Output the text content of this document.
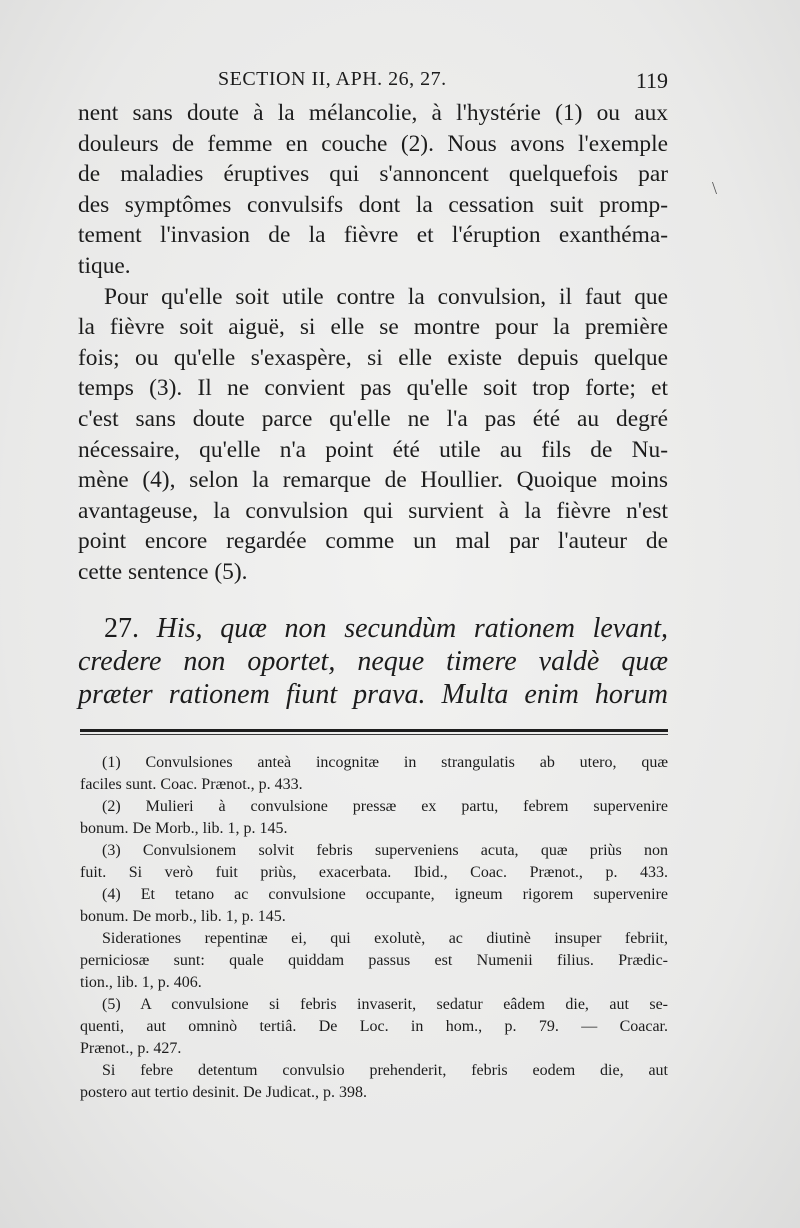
SECTION II, APH. 26, 27.	119
nent sans doute à la mélancolie, à l'hystérie (1) ou aux
douleurs de femme en couche (2). Nous avons l'exemple
de maladies éruptives qui s'annoncent quelquefois par
des symptômes convulsifs dont la cessation suit promp-
tement l'invasion de la fièvre et l'éruption exanthéma-
tique.
Pour qu'elle soit utile contre la convulsion, il faut que
la fièvre soit aiguë, si elle se montre pour la première
fois; ou qu'elle s'exaspère, si elle existe depuis quelque
temps (3). Il ne convient pas qu'elle soit trop forte; et
c'est sans doute parce qu'elle ne l'a pas été au degré
nécessaire, qu'elle n'a point été utile au fils de Nu-
mène (4), selon la remarque de Houllier. Quoique moins
avantageuse, la convulsion qui survient à la fièvre n'est
point encore regardée comme un mal par l'auteur de
cette sentence (5).
27. His, quæ non secundùm rationem levant,
credere non oportet, neque timere valdè quæ
præter rationem fiunt prava. Multa enim horum
(1) Convulsiones anteà incognitæ in strangulatis ab utero, quæ
faciles sunt. Coac. Prænot., p. 433.
(2) Mulieri à convulsione pressæ ex partu, febrem supervenire
bonum. De Morb., lib. 1, p. 145.
(3) Convulsionem solvit febris superveniens acuta, quæ priùs non
fuit. Si verò fuit priùs, exacerbata. Ibid., Coac. Prænot., p. 433.
(4) Et tetano ac convulsione occupante, igneum rigorem supervenire
bonum. De morb., lib. 1, p. 145.
Siderationes repentinæ ei, qui exolutè, ac diutinè insuper febriit,
perniciosæ sunt: quale quiddam passus est Numenii filius. Prædic-
tion., lib. 1, p. 406.
(5) A convulsione si febris invaserit, sedatur eâdem die, aut se-
quenti, aut omninò tertiâ. De Loc. in hom., p. 79. — Coacar.
Prænot., p. 427.
Si febre detentum convulsio prehenderit, febris eodem die, aut
postero aut tertio desinit. De Judicat., p. 398.
\
